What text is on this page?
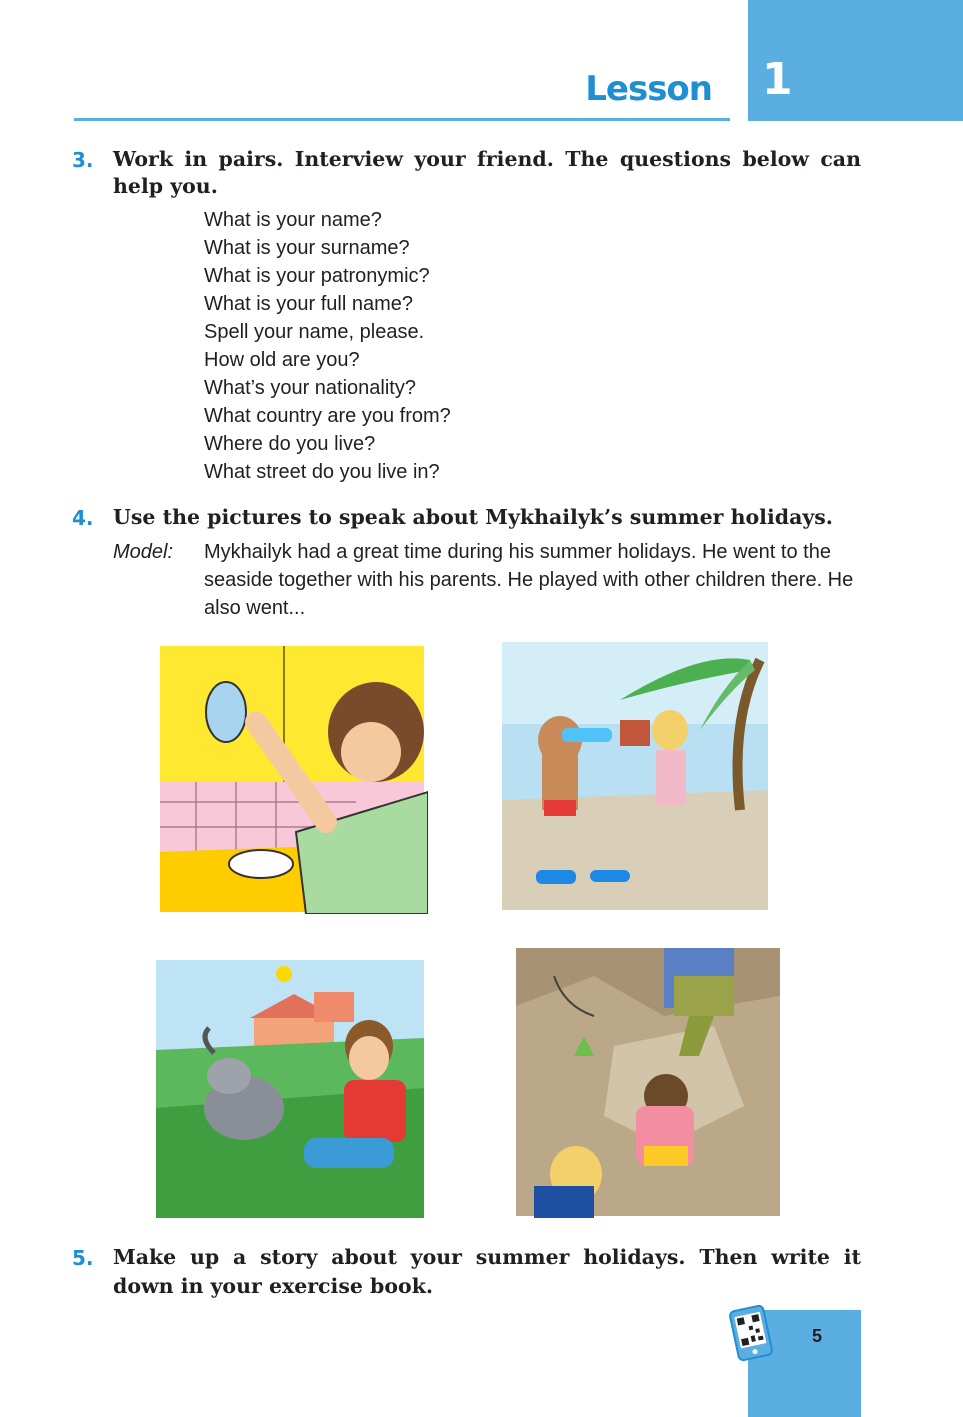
1
Lesson
3. Work in pairs. Interview your friend. The questions below can help you.
What is your name?
What is your surname?
What is your patronymic?
What is your full name?
Spell your name, please.
How old are you?
What’s your nationality?
What country are you from?
Where do you live?
What street do you live in?
4. Use the pictures to speak about Mykhailyk’s summer holidays.
Model: Mykhailyk had a great time during his summer holidays. He went to the seaside together with his parents. He played with other children there. He also went...
5. Make up a story about your summer holidays. Then write it down in your exercise book.
5
